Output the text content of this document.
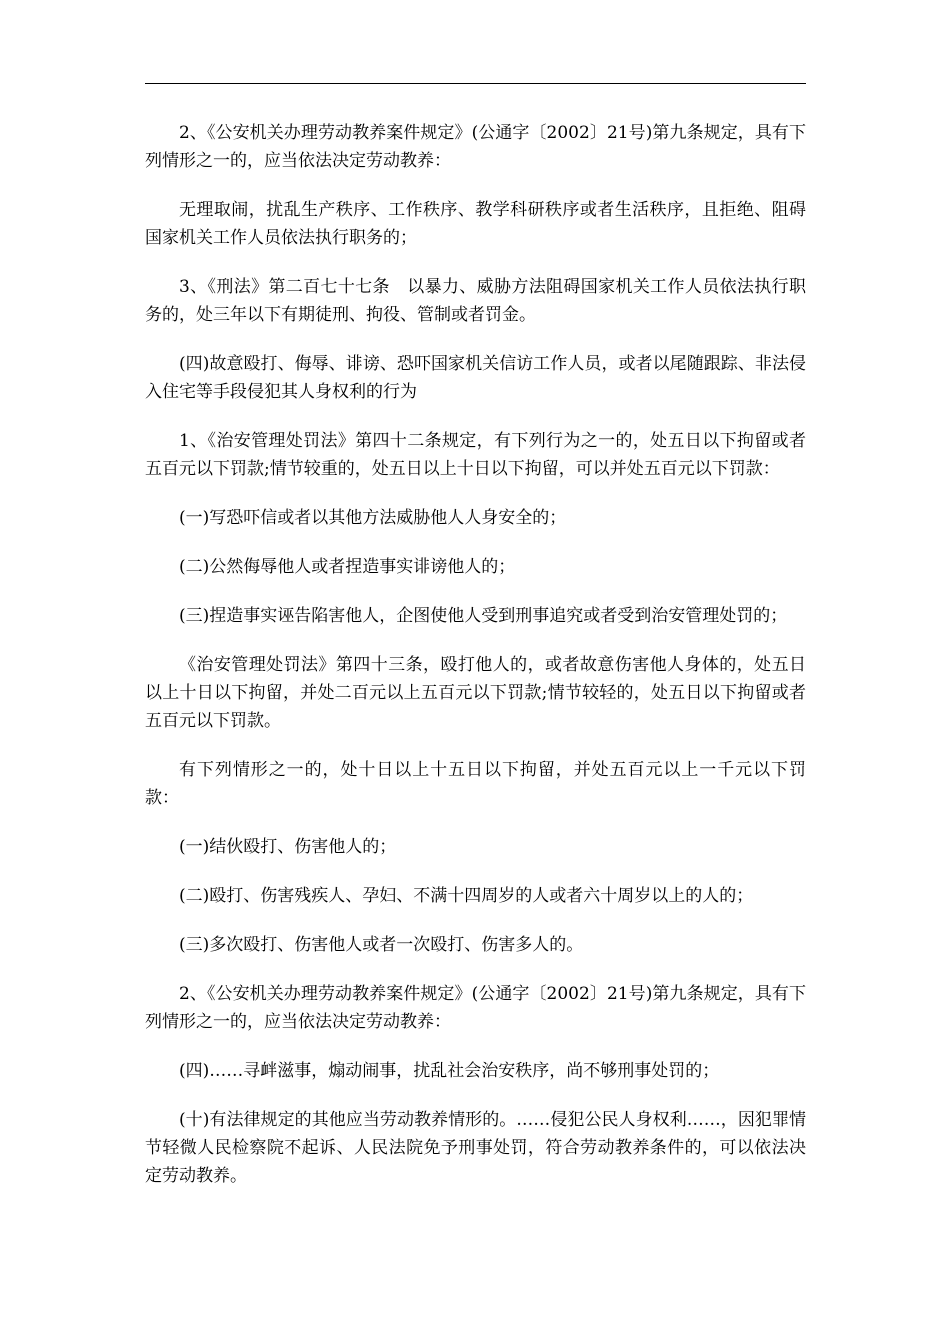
2、《公安机关办理劳动教养案件规定》(公通字〔2002〕21号)第九条规定，具有下列情形之一的，应当依法决定劳动教养：

无理取闹，扰乱生产秩序、工作秩序、教学科研秩序或者生活秩序，且拒绝、阻碍国家机关工作人员依法执行职务的；

3、《刑法》第二百七十七条　以暴力、威胁方法阻碍国家机关工作人员依法执行职务的，处三年以下有期徒刑、拘役、管制或者罚金。

(四)故意殴打、侮辱、诽谤、恐吓国家机关信访工作人员，或者以尾随跟踪、非法侵入住宅等手段侵犯其人身权利的行为

1、《治安管理处罚法》第四十二条规定，有下列行为之一的，处五日以下拘留或者五百元以下罚款;情节较重的，处五日以上十日以下拘留，可以并处五百元以下罚款：

(一)写恐吓信或者以其他方法威胁他人人身安全的；

(二)公然侮辱他人或者捏造事实诽谤他人的；

(三)捏造事实诬告陷害他人，企图使他人受到刑事追究或者受到治安管理处罚的；

《治安管理处罚法》第四十三条，殴打他人的，或者故意伤害他人身体的，处五日以上十日以下拘留，并处二百元以上五百元以下罚款;情节较轻的，处五日以下拘留或者五百元以下罚款。

有下列情形之一的，处十日以上十五日以下拘留，并处五百元以上一千元以下罚款：

(一)结伙殴打、伤害他人的；

(二)殴打、伤害残疾人、孕妇、不满十四周岁的人或者六十周岁以上的人的；

(三)多次殴打、伤害他人或者一次殴打、伤害多人的。

2、《公安机关办理劳动教养案件规定》(公通字〔2002〕21号)第九条规定，具有下列情形之一的，应当依法决定劳动教养：

(四)……寻衅滋事，煽动闹事，扰乱社会治安秩序，尚不够刑事处罚的；

(十)有法律规定的其他应当劳动教养情形的。……侵犯公民人身权利……，因犯罪情节轻微人民检察院不起诉、人民法院免予刑事处罚，符合劳动教养条件的，可以依法决定劳动教养。
